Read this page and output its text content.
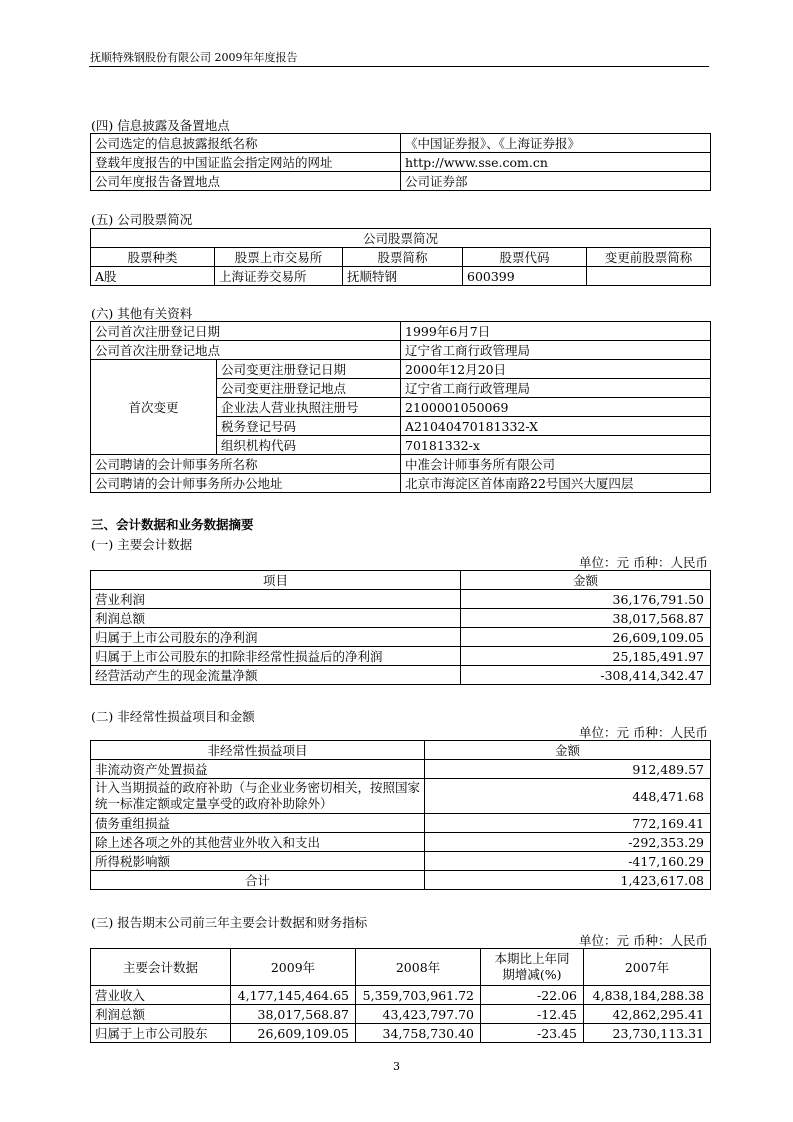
抚顺特殊钢股份有限公司 2009年年度报告
(四) 信息披露及备置地点
公司选定的信息披露报纸名称	《中国证券报》、《上海证券报》
登载年度报告的中国证监会指定网站的网址	http://www.sse.com.cn
公司年度报告备置地点	公司证券部
(五) 公司股票简况
公司股票简况				
股票种类	股票上市交易所	股票简称	股票代码	变更前股票简称
A股	上海证券交易所	抚顺特钢	600399	
(六) 其他有关资料
公司首次注册登记日期		1999年6月7日
公司首次注册登记地点		辽宁省工商行政管理局
首次变更	公司变更注册登记日期	2000年12月20日
	公司变更注册登记地点	辽宁省工商行政管理局
	企业法人营业执照注册号	2100001050069
	税务登记号码	A21040470181332-X
	组织机构代码	70181332-x
公司聘请的会计师事务所名称		中准会计师事务所有限公司
公司聘请的会计师事务所办公地址		北京市海淀区首体南路22号国兴大厦四层
三、会计数据和业务数据摘要
(一) 主要会计数据
单位：元 币种：人民币
项目	金额
营业利润	36,176,791.50
利润总额	38,017,568.87
归属于上市公司股东的净利润	26,609,109.05
归属于上市公司股东的扣除非经常性损益后的净利润	25,185,491.97
经营活动产生的现金流量净额	-308,414,342.47
(二) 非经常性损益项目和金额
单位：元 币种：人民币
非经常性损益项目	金额
非流动资产处置损益	912,489.57
计入当期损益的政府补助（与企业业务密切相关，按照国家统一标准定额或定量享受的政府补助除外）	448,471.68
债务重组损益	772,169.41
除上述各项之外的其他营业外收入和支出	-292,353.29
所得税影响额	-417,160.29
合计	1,423,617.08
(三) 报告期末公司前三年主要会计数据和财务指标
单位：元 币种：人民币
主要会计数据	2009年	2008年	本期比上年同期增减(%)	2007年
营业收入	4,177,145,464.65	5,359,703,961.72	-22.06	4,838,184,288.38
利润总额	38,017,568.87	43,423,797.70	-12.45	42,862,295.41
归属于上市公司股东	26,609,109.05	34,758,730.40	-23.45	23,730,113.31
3
